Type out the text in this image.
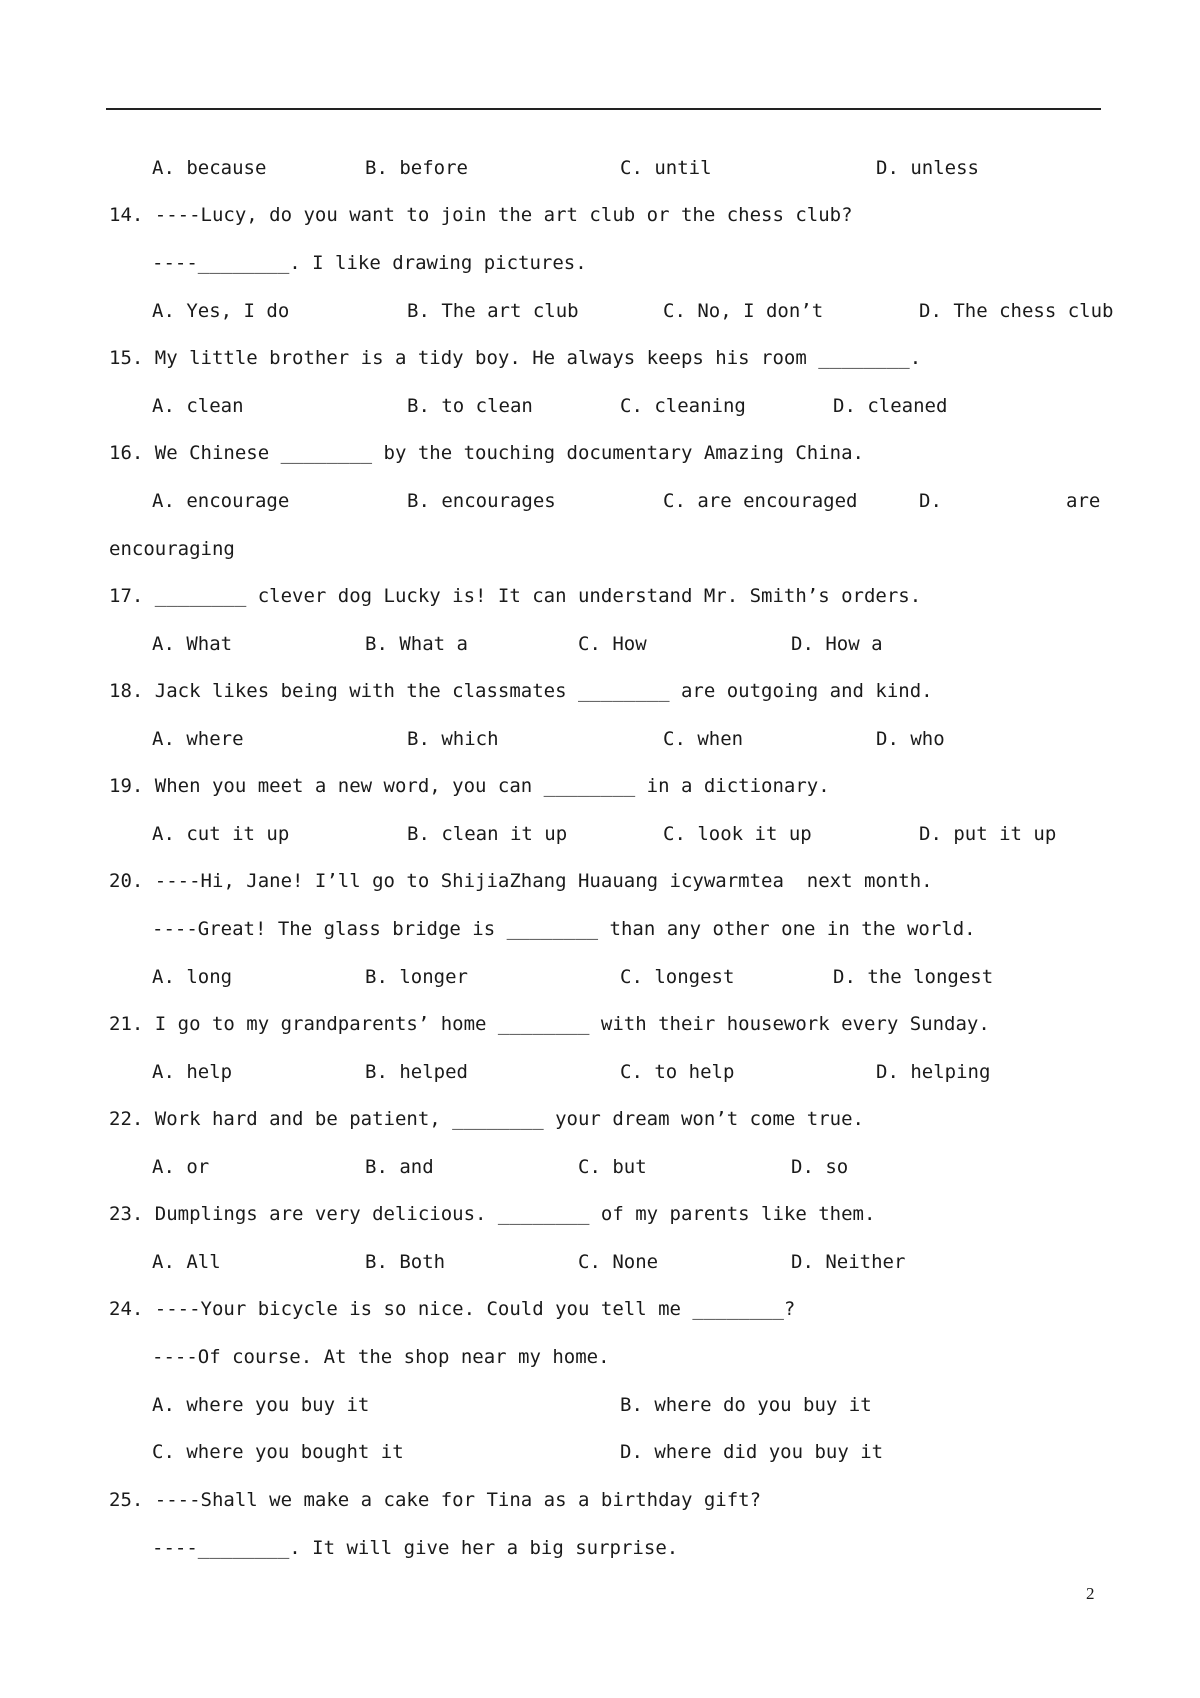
A. because	B. before	C. until	D. unless
14. ----Lucy, do you want to join the art club or the chess club?
----________. I like drawing pictures.
A. Yes, I do	B. The art club	C. No, I don’t	D. The chess club
15. My little brother is a tidy boy. He always keeps his room ________.
A. clean	B. to clean	C. cleaning	D. cleaned
16. We Chinese ________ by the touching documentary Amazing China.
A. encourage	B. encourages	C. are encouraged	D.	are
encouraging
17. ________ clever dog Lucky is! It can understand Mr. Smith’s orders.
A. What	B. What a	C. How	D. How a
18. Jack likes being with the classmates ________ are outgoing and kind.
A. where	B. which	C. when	D. who
19. When you meet a new word, you can ________ in a dictionary.
A. cut it up	B. clean it up	C. look it up	D. put it up
20. ----Hi, Jane! I’ll go to ShijiaZhang Huauang icywarmtea  next month.
----Great! The glass bridge is ________ than any other one in the world.
A. long	B. longer	C. longest	D. the longest
21. I go to my grandparents’ home ________ with their housework every Sunday.
A. help	B. helped	C. to help	D. helping
22. Work hard and be patient, ________ your dream won’t come true.
A. or	B. and	C. but	D. so
23. Dumplings are very delicious. ________ of my parents like them.
A. All	B. Both	C. None	D. Neither
24. ----Your bicycle is so nice. Could you tell me ________?
----Of course. At the shop near my home.
A. where you buy it	B. where do you buy it
C. where you bought it	D. where did you buy it
25. ----Shall we make a cake for Tina as a birthday gift?
----________. It will give her a big surprise.
2
